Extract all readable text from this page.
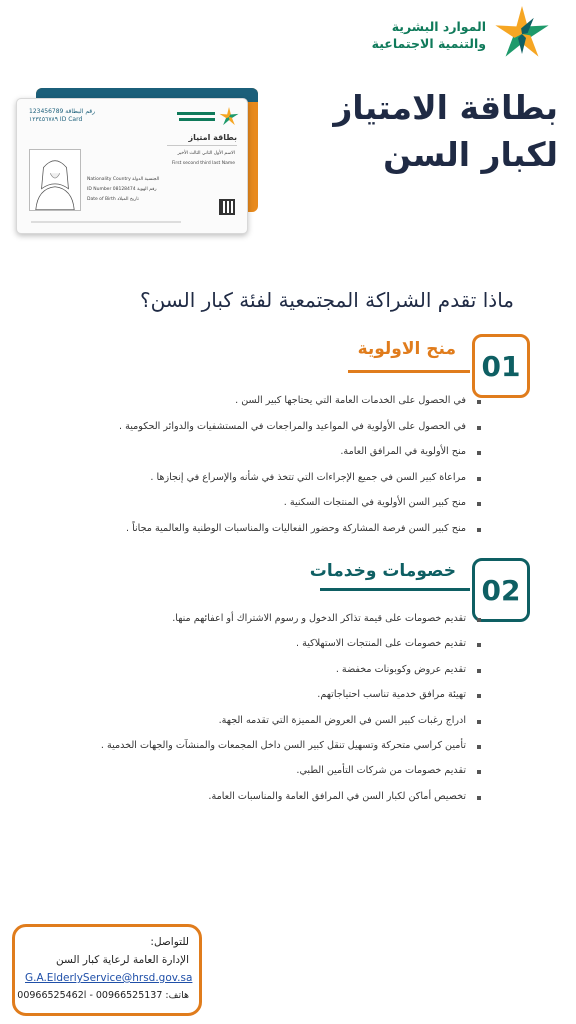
الموارد البشرية
والتنمية الاجتماعية
بطاقة الامتياز
لكبار السن
123456789 رقم البطاقة
١٢٣٤٥٦٧٨٩ ID Card
بطاقة امتياز
الاسم الأول الثاني الثالث الأخير
First second third last Name
Nationality Country الجنسية الدولة
ID Number 08128474 رقم الهوية
Date of Birth تاريخ الميلاد
ماذا تقدم الشراكة المجتمعية لفئة كبار السن؟
منح الاولوية
01
في الحصول على الخدمات العامة التي يحتاجها كبير السن .
في الحصول على الأولوية في المواعيد والمراجعات في المستشفيات والدوائر الحكومية .
منح الأولوية في المرافق العامة.
مراعاة كبير السن في جميع الإجراءات التي تتخذ في شأنه والإسراع في إنجازها .
منح كبير السن الأولوية في المنتجات السكنية .
منح كبير السن فرصة المشاركة وحضور الفعاليات والمناسبات الوطنية والعالمية مجاناً .
خصومات وخدمات
02
تقديم خصومات على قيمة تذاكر الدخول و رسوم الاشتراك أو اعفائهم منها.
تقديم خصومات على المنتجات الاستهلاكية .
تقديم عروض وكوبونات مخفضة .
تهيئة مرافق خدمية تناسب احتياجاتهم.
ادراج رغبات كبير السن في العروض المميزة التي تقدمه الجهة.
تأمين كراسي متحركة وتسهيل تنقل كبير السن داخل المجمعات والمنشآت والجهات الخدمية .
تقديم خصومات من شركات التأمين الطبي.
تخصيص أماكن لكبار السن في المرافق العامة والمناسبات العامة.
للتواصل:
الإدارة العامة لرعاية كبار السن
G.A.ElderlyService@hrsd.gov.sa
هاتف: 00966525137 - 00966525462l
